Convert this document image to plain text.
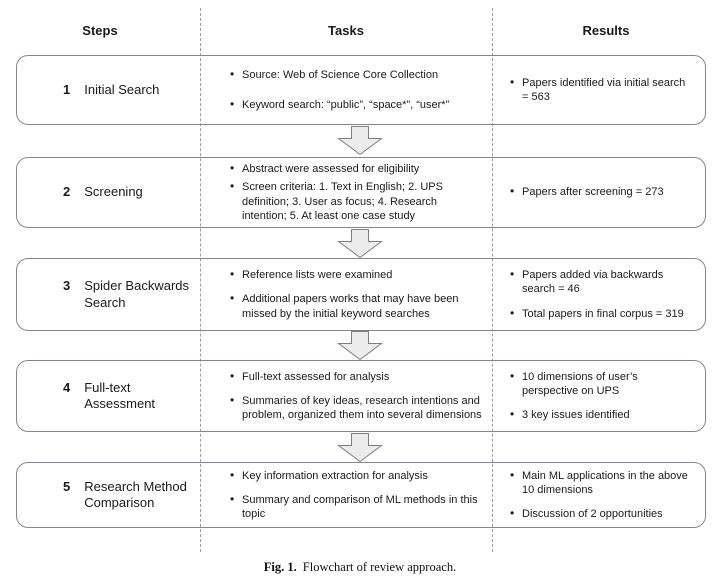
Steps	Tasks	Results
1 Initial Search
• Source: Web of Science Core Collection
• Keyword search: “public”, “space*”, “user*”
• Papers identified via initial search = 563
2 Screening
• Abstract were assessed for eligibility
• Screen criteria: 1. Text in English; 2. UPS definition; 3. User as focus; 4. Research intention; 5. At least one case study
• Papers after screening = 273
3 Spider Backwards Search
• Reference lists were examined
• Additional papers works that may have been missed by the initial keyword searches
• Papers added via backwards search = 46
• Total papers in final corpus = 319
4 Full-text Assessment
• Full-text assessed for analysis
• Summaries of key ideas, research intentions and problem, organized them into several dimensions
• 10 dimensions of user’s perspective on UPS
• 3 key issues identified
5 Research Method Comparison
• Key information extraction for analysis
• Summary and comparison of ML methods in this topic
• Main ML applications in the above 10 dimensions
• Discussion of 2 opportunities
Fig. 1. Flowchart of review approach.
